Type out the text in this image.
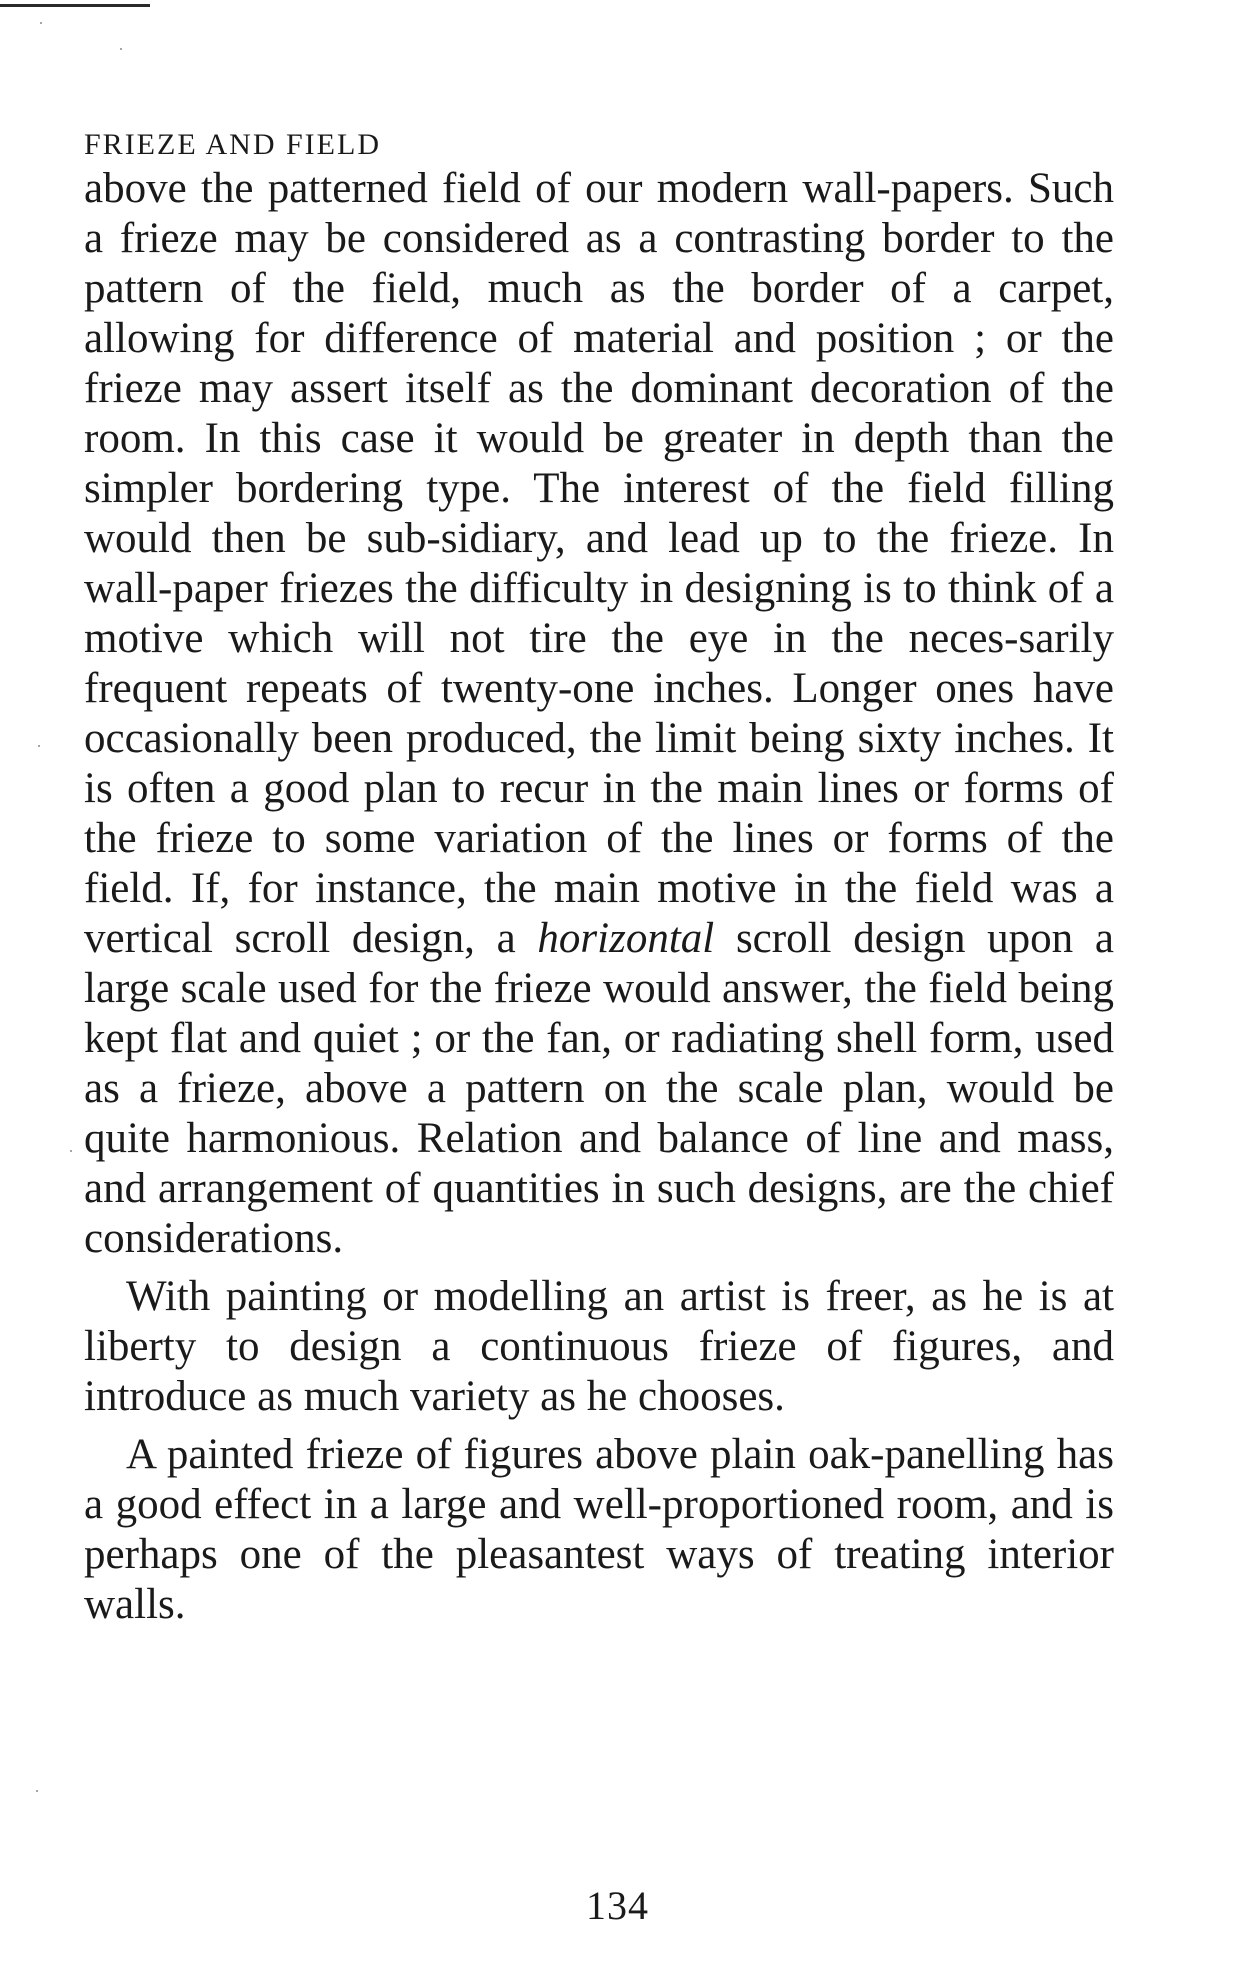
FRIEZE AND FIELD

above the patterned field of our modern wall-papers. Such a frieze may be considered as a contrasting border to the pattern of the field, much as the border of a carpet, allowing for difference of material and position ; or the frieze may assert itself as the dominant decoration of the room. In this case it would be greater in depth than the simpler bordering type. The interest of the field filling would then be sub-sidiary, and lead up to the frieze. In wall-paper friezes the difficulty in designing is to think of a motive which will not tire the eye in the neces-sarily frequent repeats of twenty-one inches. Longer ones have occasionally been produced, the limit being sixty inches. It is often a good plan to recur in the main lines or forms of the frieze to some variation of the lines or forms of the field. If, for instance, the main motive in the field was a vertical scroll design, a horizontal scroll design upon a large scale used for the frieze would answer, the field being kept flat and quiet ; or the fan, or radiating shell form, used as a frieze, above a pattern on the scale plan, would be quite harmonious. Relation and balance of line and mass, and arrangement of quantities in such designs, are the chief considerations.

With painting or modelling an artist is freer, as he is at liberty to design a continuous frieze of figures, and introduce as much variety as he chooses.

A painted frieze of figures above plain oak-panelling has a good effect in a large and well-proportioned room, and is perhaps one of the pleasantest ways of treating interior walls.

134
